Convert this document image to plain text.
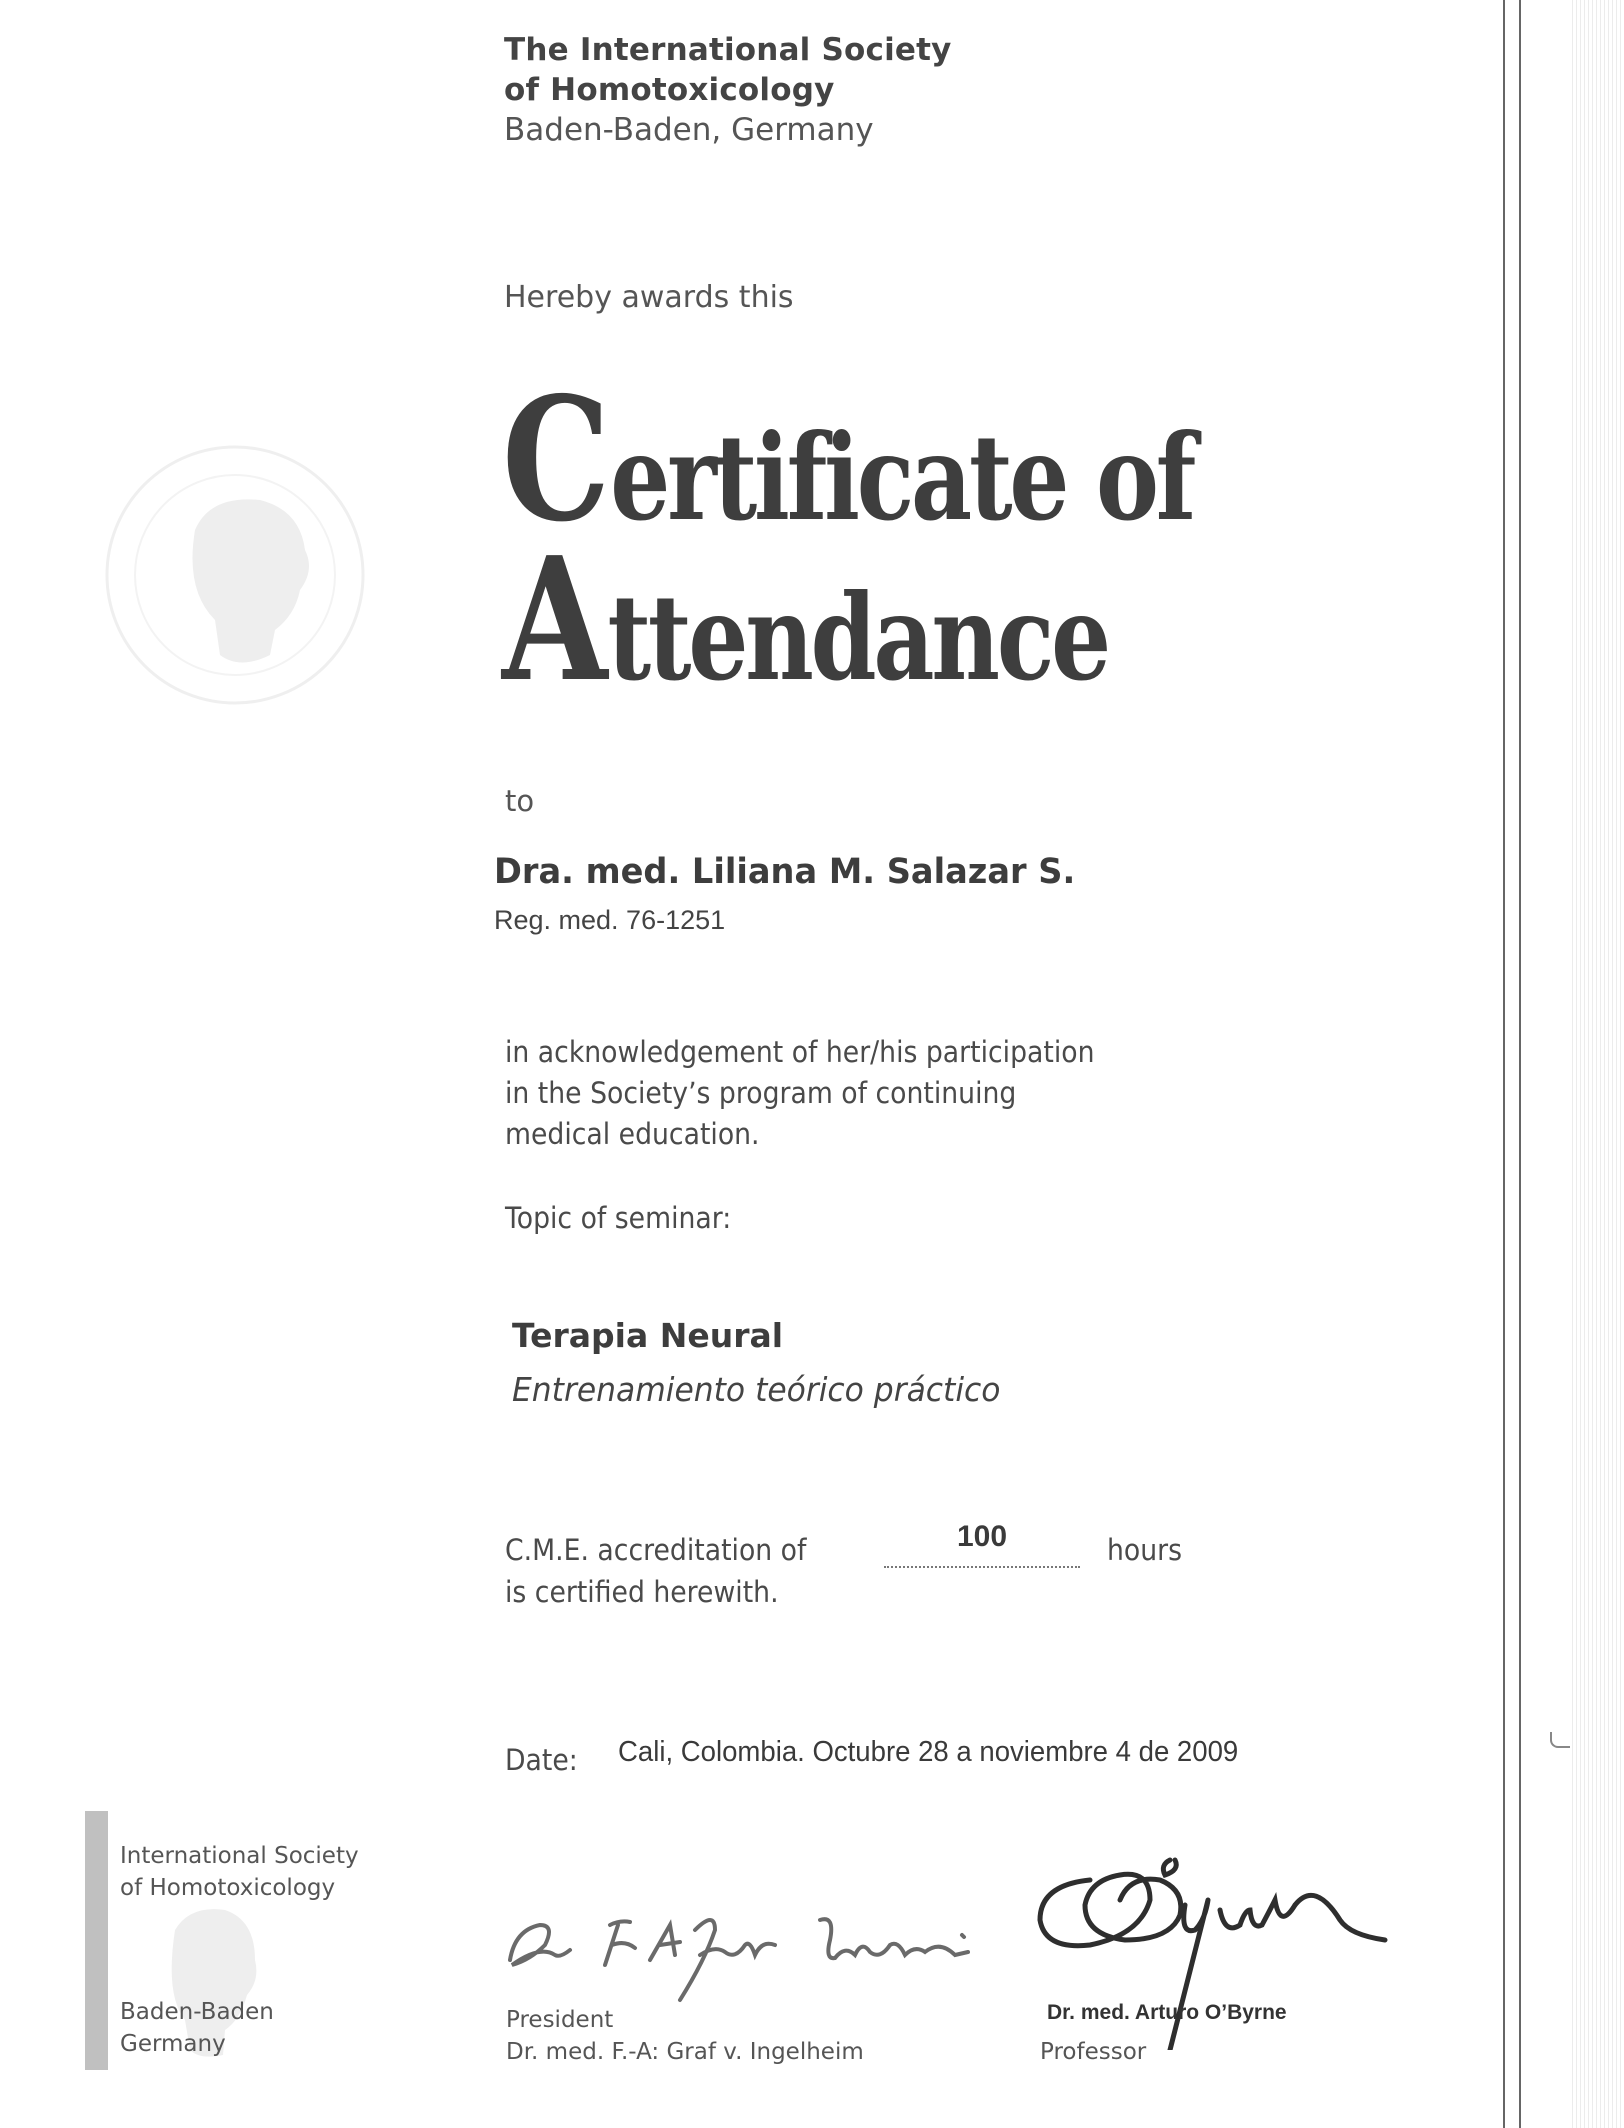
The International Society
of Homotoxicology
Baden-Baden, Germany
Hereby awards this
Certificate of
Attendance
to
Dra. med. Liliana M. Salazar S.
Reg. med. 76-1251
in acknowledgement of her/his participation
in the Society’s program of continuing
medical education.
Topic of seminar:
Terapia Neural
Entrenamiento teórico práctico
C.M.E. accreditation of	100	hours
is certified herewith.
Date: Cali, Colombia. Octubre 28 a noviembre 4 de 2009
International Society
of Homotoxicology
Baden-Baden
Germany
President
Dr. med. F.-A: Graf v. Ingelheim
Dr. med. Arturo O’Byrne
Professor
